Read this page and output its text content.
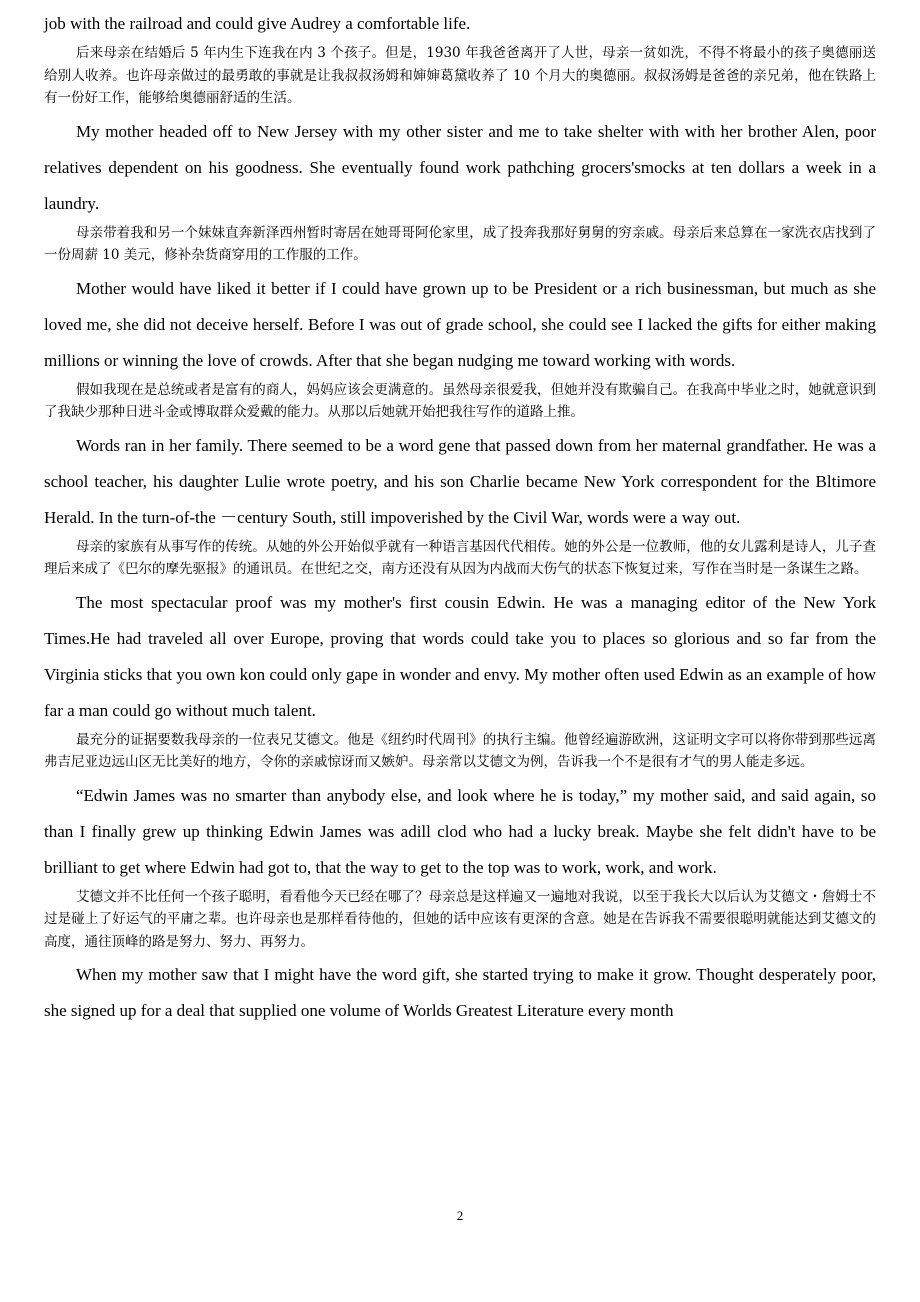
job with the railroad and could give Audrey a comfortable life.

后来母亲在结婚后 5 年内生下连我在内 3 个孩子。但是，1930 年我爸爸离开了人世，母亲一贫如洗，不得不将最小的孩子奥德丽送给别人收养。也许母亲做过的最勇敢的事就是让我叔叔汤姆和婶婶葛黛收养了 10 个月大的奥德丽。叔叔汤姆是爸爸的亲兄弟，他在铁路上有一份好工作，能够给奥德丽舒适的生活。

My mother headed off to New Jersey with my other sister and me to take shelter with with her brother Alen, poor relatives dependent on his goodness. She eventually found work pathching grocers'smocks at ten dollars a week in a laundry.

母亲带着我和另一个妹妹直奔新泽西州暂时寄居在她哥哥阿伦家里，成了投奔我那好舅舅的穷亲戚。母亲后来总算在一家洗衣店找到了一份周薪 10 美元，修补杂货商穿用的工作服的工作。

Mother would have liked it better if I could have grown up to be President or a rich businessman, but much as she loved me, she did not deceive herself. Before I was out of grade school, she could see I lacked the gifts for either making millions or winning the love of crowds. After that she began nudging me toward working with words.

假如我现在是总统或者是富有的商人，妈妈应该会更满意的。虽然母亲很爱我，但她并没有欺骗自己。在我高中毕业之时，她就意识到了我缺少那种日进斗金或博取群众爱戴的能力。从那以后她就开始把我往写作的道路上推。

Words ran in her family. There seemed to be a word gene that passed down from her maternal grandfather. He was a school teacher, his daughter Lulie wrote poetry, and his son Charlie became New York correspondent for the Bltimore Herald. In the turn-of-the －century South, still impoverished by the Civil War, words were a way out.

母亲的家族有从事写作的传统。从她的外公开始似乎就有一种语言基因代代相传。她的外公是一位教师，他的女儿露利是诗人，儿子查理后来成了《巴尔的摩先驱报》的通讯员。在世纪之交，南方还没有从因为内战而大伤气的状态下恢复过来，写作在当时是一条谋生之路。

The most spectacular proof was my mother's first cousin Edwin. He was a managing editor of the New York Times.He had traveled all over Europe, proving that words could take you to places so glorious and so far from the Virginia sticks that you own kon could only gape in wonder and envy. My mother often used Edwin as an example of how far a man could go without much talent.

最充分的证据要数我母亲的一位表兄艾德文。他是《纽约时代周刊》的执行主编。他曾经遍游欧洲，这证明文字可以将你带到那些远离弗吉尼亚边远山区无比美好的地方，令你的亲戚惊讶而又嫉妒。母亲常以艾德文为例，告诉我一个不是很有才气的男人能走多远。

“Edwin James was no smarter than anybody else, and look where he is today,” my mother said, and said again, so than I finally grew up thinking Edwin James was adill clod who had a lucky break. Maybe she felt didn't have to be brilliant to get where Edwin had got to, that the way to get to the top was to work, work, and work.

艾德文并不比任何一个孩子聪明，看看他今天已经在哪了？母亲总是这样遍又一遍地对我说，以至于我长大以后认为艾德文・詹姆士不过是碰上了好运气的平庸之辈。也许母亲也是那样看待他的，但她的话中应该有更深的含意。她是在告诉我不需要很聪明就能达到艾德文的高度，通往顶峰的路是努力、努力、再努力。

When my mother saw that I might have the word gift, she started trying to make it grow. Thought desperately poor, she signed up for a deal that supplied one volume of Worlds Greatest Literature every month

2
